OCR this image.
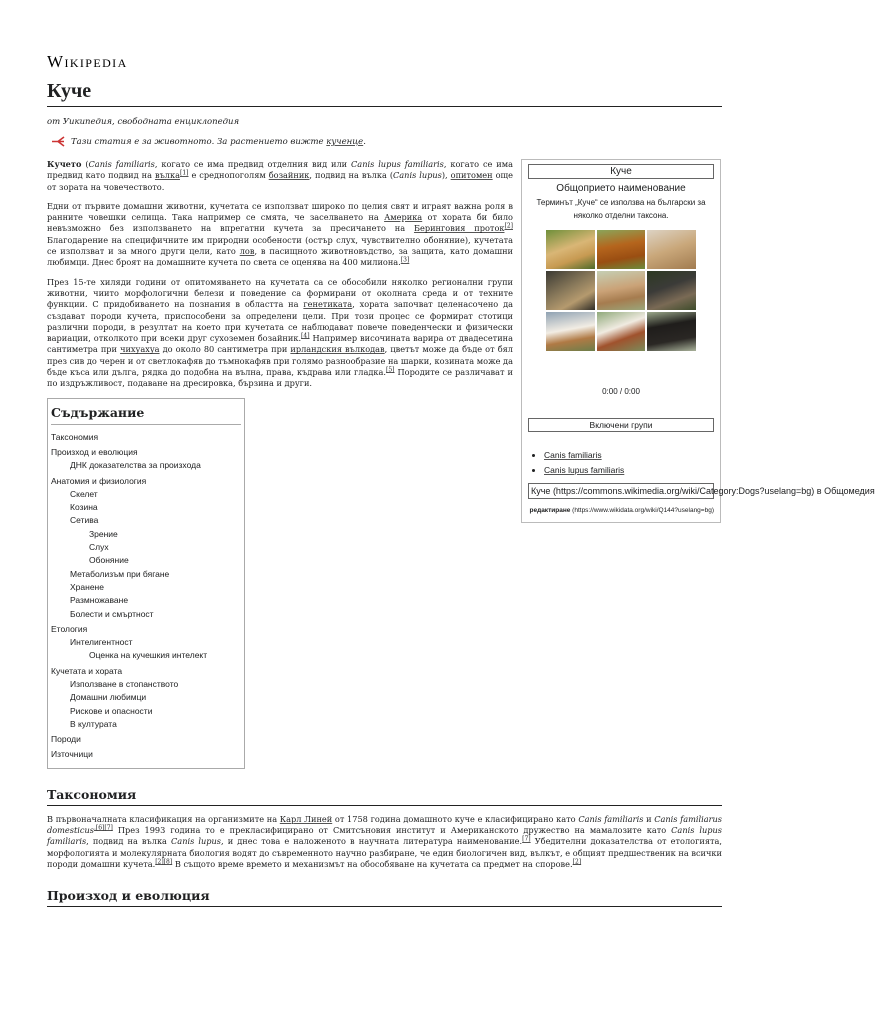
Wikipedia
Куче
от Уикипедия, свободната енциклопедия
Тази статия е за животното. За растението вижте кученце.

Кучето (Canis familiaris, когато се има предвид отделния вид или Canis lupus familiaris, когато се има предвид като подвид на вълка[1] е среднопоголям бозайник, подвид на вълка (Canis lupus), опитомен още от зората на човечеството.

Едни от първите домашни животни, кучетата се използват широко по целия свят и играят важна роля в ранните човешки селища. Така например се смята, че заселването на Америка от хората би било невъзможно без използването на впрегатни кучета за пресичането на Беринговия проток[2] Благодарение на специфичните им природни особености (остър слух, чувствително обоняние), кучетата се използват и за много други цели, като лов, в пасищното животновъдство, за защита, като домашни любимци. Днес броят на домашните кучета по света се оценява на 400 милиона.[3]

През 15-те хиляди години от опитомяването на кучетата са се обособили няколко регионални групи животни, чиито морфологични белези и поведение са формирани от околната среда и от техните функции. С придобиването на познания в областта на генетиката, хората започват целенасочено да създават породи кучета, приспособени за определени цели. При този процес се формират стотици различни породи, в резултат на което при кучетата се наблюдават повече поведенчески и физически вариации, отколкото при всеки друг сухоземен бозайник.[4] Например височината варира от двадесетина сантиметра при чихуахуа до около 80 сантиметра при ирландския вълкодав, цветът може да бъде от бял през сив до черен и от светлокафяв до тъмнокафяв при голямо разнообразие на шарки, козината може да бъде къса или дълга, рядка до подобна на вълна, права, къдрава или гладка.[5] Породите се различават и по издръжливост, подаване на дресировка, бързина и други.

Съдържание
Таксономия
Произход и еволюция
ДНК доказателства за произхода
Анатомия и физиология
Скелет
Козина
Сетива
Зрение
Слух
Обоняние
Метаболизъм при бягане
Хранене
Размножаване
Болести и смъртност
Етология
Интелигентност
Оценка на кучешкия интелект
Кучетата и хората
Използване в стопанството
Домашни любимци
Рискове и опасности
В културата
Породи
Източници
Куче
Общоприето наименование
Терминът „Куче“ се използва на български за няколко отделни таксона.
0:00 / 0:00
Включени групи
• Canis familiaris
• Canis lupus familiaris
Куче (https://commons.wikimedia.org/wiki/Category:Dogs?uselang=bg) в Общомедия
редактиране (https://www.wikidata.org/wiki/Q144?uselang=bg)
Таксономия

В първоначалната класификация на организмите на Карл Линей от 1758 година домашното куче е класифицирано като Canis familiaris и Canis familiarus domesticus$^{.[6][7]}$ През 1993 година то е прекласифицирано от Смитсъновия институт и Американското дружество на мамалозите като Canis lupus familiaris, подвид на вълка Canis lupus, и днес това е наложеното в научната литература наименование.[7] Убедителни доказателства от етологията, морфологията и молекулярната биология водят до съвременното научно разбиране, че един биологичен вид, вълкът, е общият предшественик на всички породи домашни кучета.[2][8] В същото време времето и механизмът на обособяване на кучетата са предмет на спорове.[2]

Произход и еволюция
